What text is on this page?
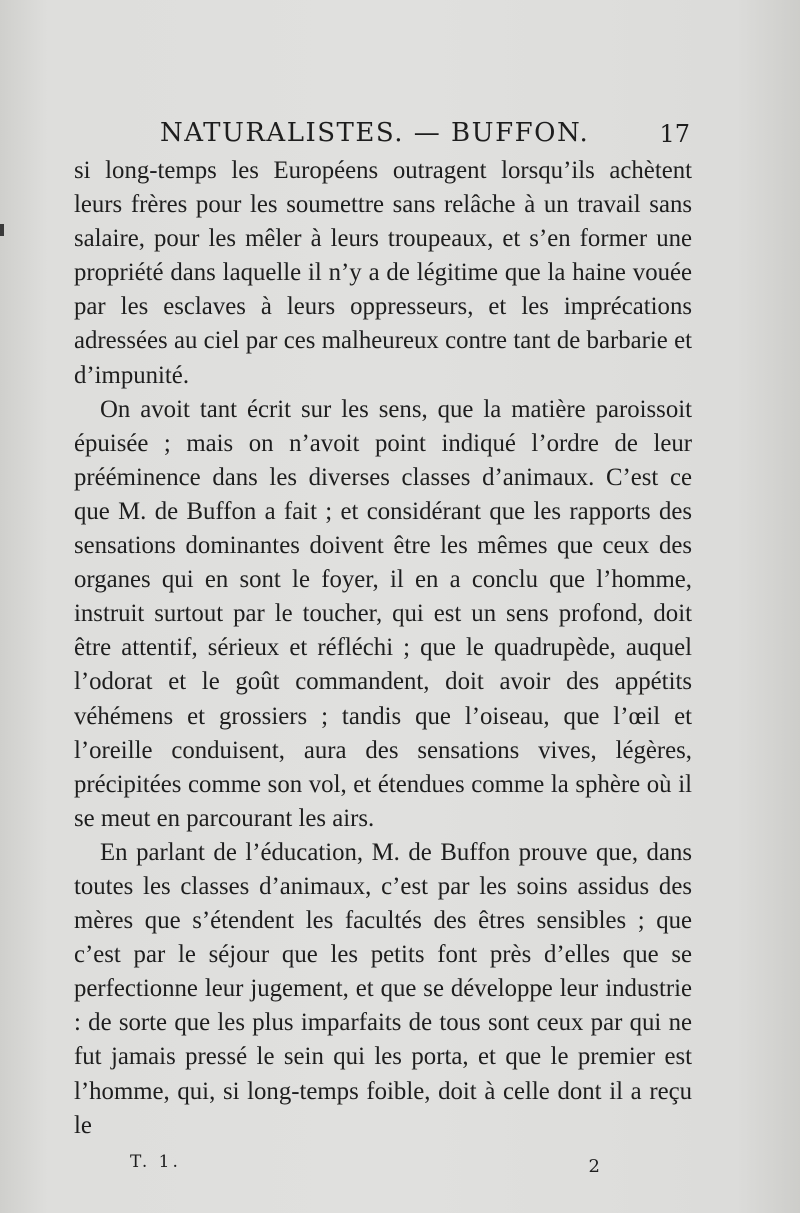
NATURALISTES. — BUFFON.	17

si long-temps les Européens outragent lorsqu’ils achètent leurs frères pour les soumettre sans relâche à un travail sans salaire, pour les mêler à leurs troupeaux, et s’en former une propriété dans laquelle il n’y a de légitime que la haine vouée par les esclaves à leurs oppresseurs, et les imprécations adressées au ciel par ces malheureux contre tant de barbarie et d’impunité.

On avoit tant écrit sur les sens, que la matière paroissoit épuisée ; mais on n’avoit point indiqué l’ordre de leur prééminence dans les diverses classes d’animaux. C’est ce que M. de Buffon a fait ; et considérant que les rapports des sensations dominantes doivent être les mêmes que ceux des organes qui en sont le foyer, il en a conclu que l’homme, instruit surtout par le toucher, qui est un sens profond, doit être attentif, sérieux et réfléchi ; que le quadrupède, auquel l’odorat et le goût commandent, doit avoir des appétits véhémens et grossiers ; tandis que l’oiseau, que l’œil et l’oreille conduisent, aura des sensations vives, légères, précipitées comme son vol, et étendues comme la sphère où il se meut en parcourant les airs.

En parlant de l’éducation, M. de Buffon prouve que, dans toutes les classes d’animaux, c’est par les soins assidus des mères que s’étendent les facultés des êtres sensibles ; que c’est par le séjour que les petits font près d’elles que se perfectionne leur jugement, et que se développe leur industrie : de sorte que les plus imparfaits de tous sont ceux par qui ne fut jamais pressé le sein qui les porta, et que le premier est l’homme, qui, si long-temps foible, doit à celle dont il a reçu le

T. 1.	2
